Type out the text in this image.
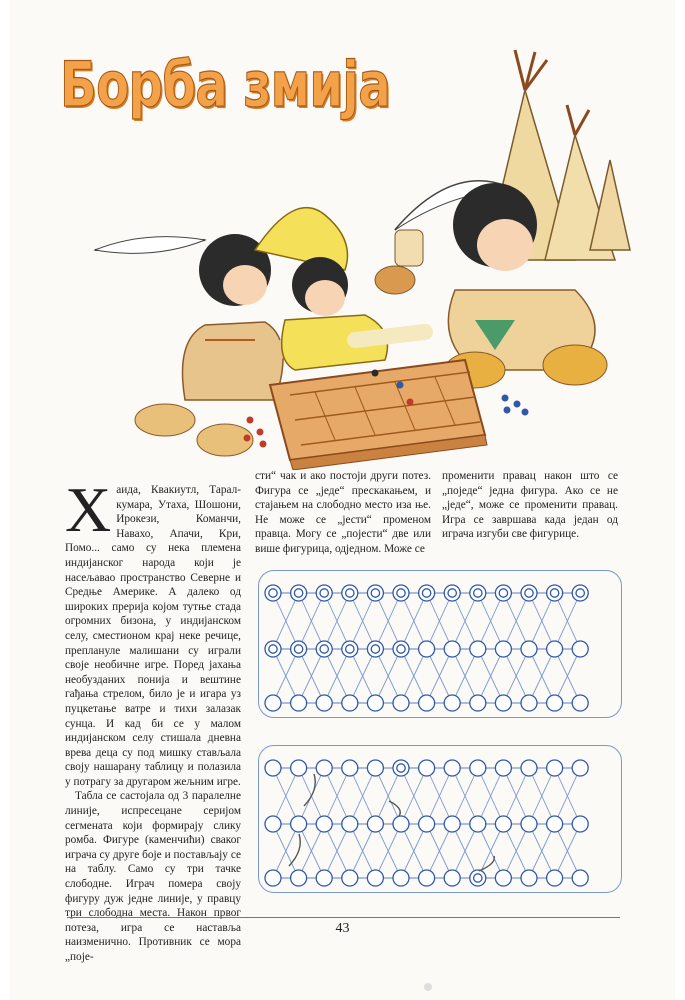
Борба змија
Х аида, Квакиутл, Тарал-кумара, Утаха, Шошони, Ирокези, Команчи, Навахо, Апачи, Кри, Помо... само су нека племена индијанског народа који је насељавао пространство Северне и Средње Америке. А далеко од широких прерија којом тутње стада огромних бизона, у индијанском селу, сместиoном крај неке речице, преплануле малишани су играли своје необичне игре. Поред јахања необузданих понија и вештине гађања стрелом, било је и игара уз пуцкетање ватре и тихи залазак сунца. И кад би се у малом индијанском селу стишала дневна врева деца су под мишку стављала своју нашарану таблицу и полазила у потрагу за другаром жељним игре.

Табла се састојала од 3 паралелне линије, испресецане серијом сегмената који формирају слику ромба. Фигуре (каменчићи) сваког играча су друге боје и постављају се на таблу. Само су три тачке слободне. Играч помера своју фигуру дуж једне линије, у правцу три слободна места. Након првог потеза, игра се наставља наизменично. Противник се мора „поје-

сти“ чак и ако постоји други потез. Фигура се „једе“ прескакањем, и стајањем на слободно место иза ње. Не може се „јести“ променом правца. Могу се „појести“ две или више фигурица, одједном. Може се

променити правац након што се „поједе“ једна фигура. Ако се не „једе“, може се променити правац. Игра се завршава када један од играча изгуби све фигурице.

43
